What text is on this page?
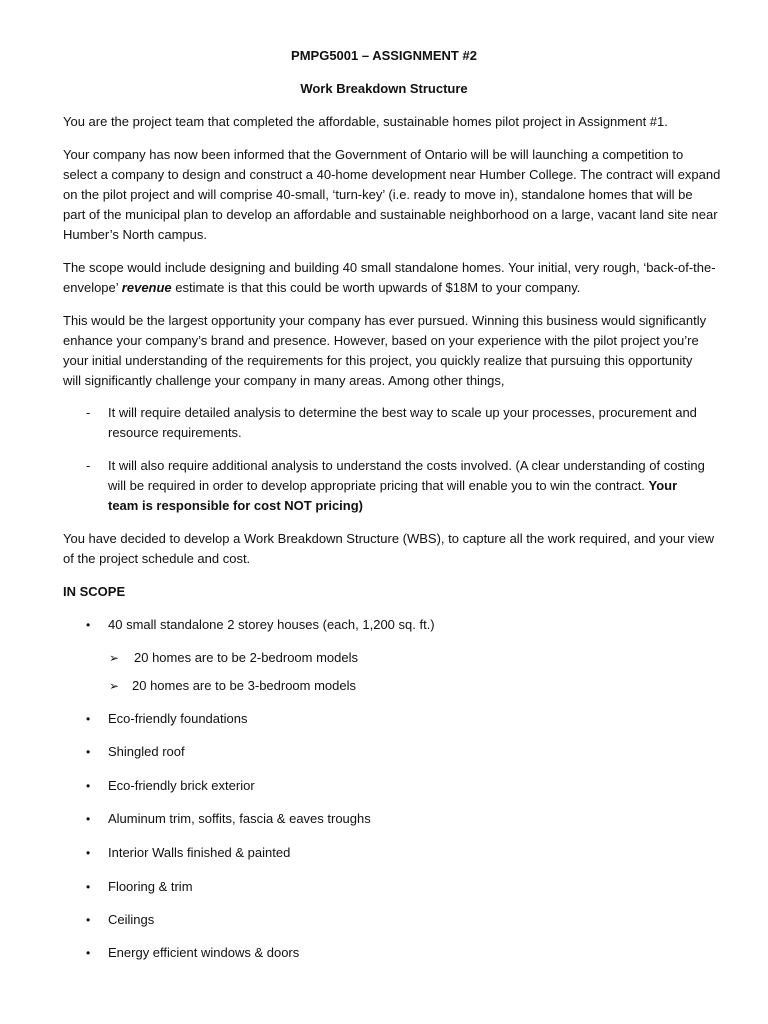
PMPG5001 – ASSIGNMENT #2
Work Breakdown Structure
You are the project team that completed the affordable, sustainable homes pilot project in Assignment #1.
Your company has now been informed that the Government of Ontario will be will launching a competition to
select a company to design and construct a 40-home development near Humber College. The contract will expand
on the pilot project and will comprise 40-small, ‘turn-key’ (i.e. ready to move in), standalone homes that will be
part of the municipal plan to develop an affordable and sustainable neighborhood on a large, vacant land site near
Humber’s North campus.
The scope would include designing and building 40 small standalone homes. Your initial, very rough, ‘back-of-the-
envelope’ revenue estimate is that this could be worth upwards of $18M to your company.
This would be the largest opportunity your company has ever pursued. Winning this business would significantly
enhance your company’s brand and presence. However, based on your experience with the pilot project you’re
your initial understanding of the requirements for this project, you quickly realize that pursuing this opportunity
will significantly challenge your company in many areas. Among other things,
- It will require detailed analysis to determine the best way to scale up your processes, procurement and
resource requirements.
- It will also require additional analysis to understand the costs involved. (A clear understanding of costing
will be required in order to develop appropriate pricing that will enable you to win the contract. Your
team is responsible for cost NOT pricing)
You have decided to develop a Work Breakdown Structure (WBS), to capture all the work required, and your view
of the project schedule and cost.
IN SCOPE
• 40 small standalone 2 storey houses (each, 1,200 sq. ft.)
➢ 20 homes are to be 2-bedroom models
➢ 20 homes are to be 3-bedroom models
• Eco-friendly foundations
• Shingled roof
• Eco-friendly brick exterior
• Aluminum trim, soffits, fascia & eaves troughs
• Interior Walls finished & painted
• Flooring & trim
• Ceilings
• Energy efficient windows & doors
